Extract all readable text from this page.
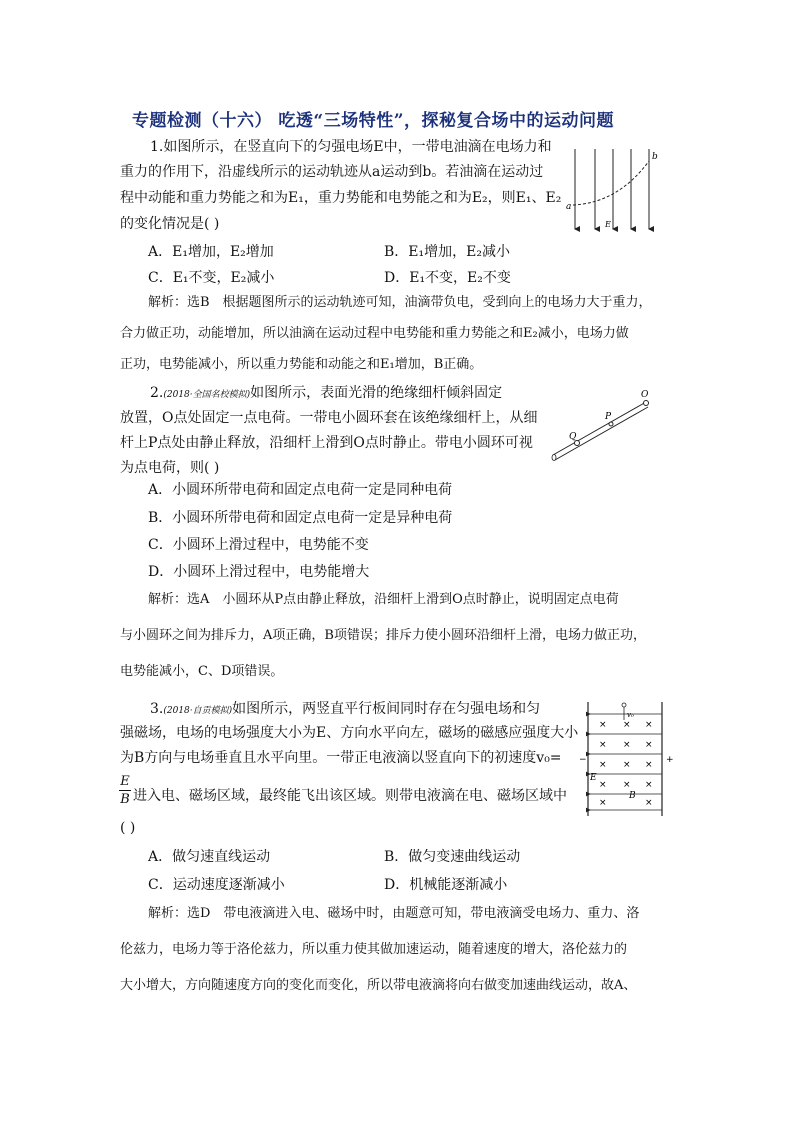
专题检测（十六） 吃透“三场特性”，探秘复合场中的运动问题
1.如图所示，在竖直向下的匀强电场E中，一带电油滴在电场力和
重力的作用下，沿虚线所示的运动轨迹从a运动到b。若油滴在运动过
程中动能和重力势能之和为E₁，重力势能和电势能之和为E₂，则E₁、E₂
的变化情况是( )
A．E₁增加，E₂增加	B．E₁增加，E₂减小
C．E₁不变，E₂减小	D．E₁不变，E₂不变
解析：选B　根据题图所示的运动轨迹可知，油滴带负电，受到向上的电场力大于重力，
合力做正功，动能增加，所以油滴在运动过程中电势能和重力势能之和E₂减小，电场力做
正功，电势能减小，所以重力势能和动能之和E₁增加，B正确。
a
b
E
2.(2018·全国名校模拟)如图所示，表面光滑的绝缘细杆倾斜固定
放置，O点处固定一点电荷。一带电小圆环套在该绝缘细杆上，从细
杆上P点处由静止释放，沿细杆上滑到O点时静止。带电小圆环可视
为点电荷，则( )
A．小圆环所带电荷和固定点电荷一定是同种电荷
B．小圆环所带电荷和固定点电荷一定是异种电荷
C．小圆环上滑过程中，电势能不变
D．小圆环上滑过程中，电势能增大
解析：选A　小圆环从P点由静止释放，沿细杆上滑到O点时静止，说明固定点电荷
与小圆环之间为排斥力，A项正确，B项错误；排斥力使小圆环沿细杆上滑，电场力做正功，
电势能减小，C、D项错误。
O
P
Q
3.(2018·自贡模拟)如图所示，两竖直平行板间同时存在匀强电场和匀
强磁场，电场的电场强度大小为E、方向水平向左，磁场的磁感应强度大小
为B方向与电场垂直且水平向里。一带正电液滴以竖直向下的初速度v₀=
E
B 进入电、磁场区域，最终能飞出该区域。则带电液滴在电、磁场区域中
( )
A．做匀速直线运动	B．做匀变速曲线运动
C．运动速度逐渐减小	D．机械能逐渐减小
解析：选D　带电液滴进入电、磁场中时，由题意可知，带电液滴受电场力、重力、洛
伦兹力，电场力等于洛伦兹力，所以重力使其做加速运动，随着速度的增大，洛伦兹力的
大小增大，方向随速度方向的变化而变化，所以带电液滴将向右做变加速曲线运动，故A、
× × ×
× × ×
× × ×
× × ×
×	×
v₀
E
B
−	+
